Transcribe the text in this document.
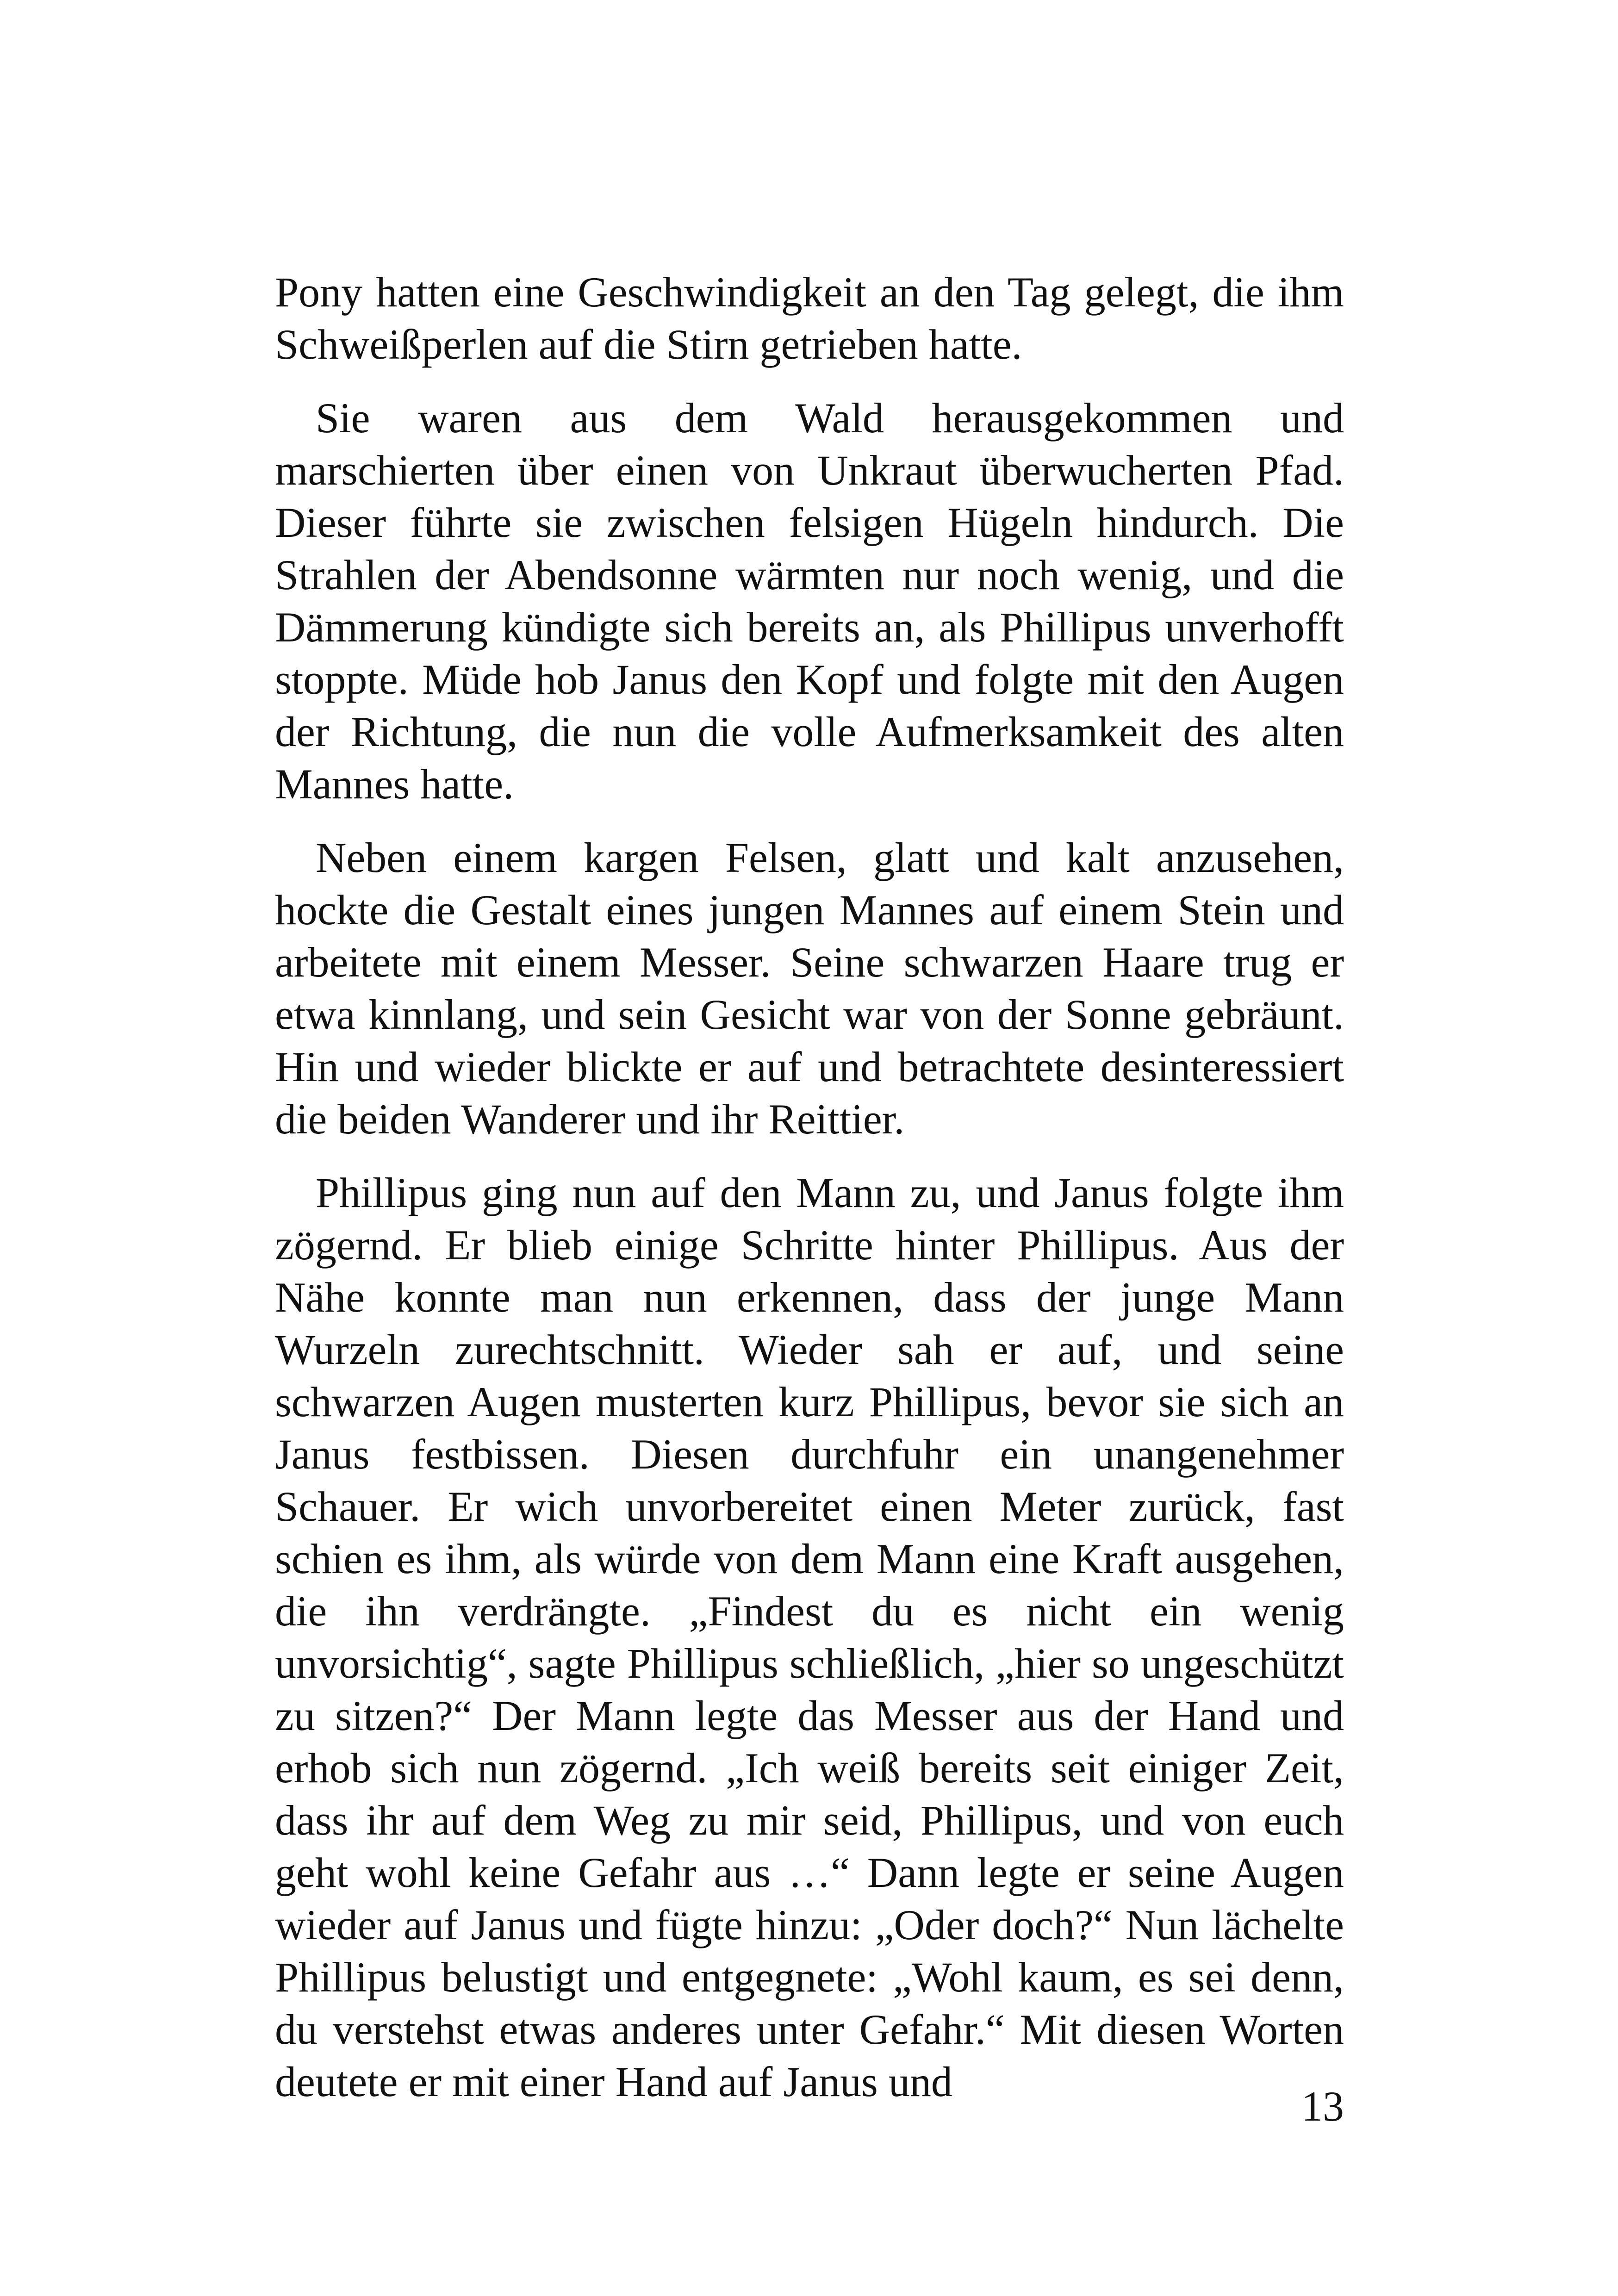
Pony hatten eine Geschwindigkeit an den Tag gelegt, die ihm Schweißperlen auf die Stirn getrieben hatte.

Sie waren aus dem Wald herausgekommen und marschierten über einen von Unkraut überwucherten Pfad. Dieser führte sie zwischen felsigen Hügeln hindurch. Die Strahlen der Abendsonne wärmten nur noch wenig, und die Dämmerung kündigte sich bereits an, als Phillipus unverhofft stoppte. Müde hob Janus den Kopf und folgte mit den Augen der Richtung, die nun die volle Aufmerksamkeit des alten Mannes hatte.

Neben einem kargen Felsen, glatt und kalt anzusehen, hockte die Gestalt eines jungen Mannes auf einem Stein und arbeitete mit einem Messer. Seine schwarzen Haare trug er etwa kinnlang, und sein Gesicht war von der Sonne gebräunt. Hin und wieder blickte er auf und betrachtete desinteressiert die beiden Wanderer und ihr Reittier.

Phillipus ging nun auf den Mann zu, und Janus folgte ihm zögernd. Er blieb einige Schritte hinter Phillipus. Aus der Nähe konnte man nun erkennen, dass der junge Mann Wurzeln zurechtschnitt. Wieder sah er auf, und seine schwarzen Augen musterten kurz Phillipus, bevor sie sich an Janus festbissen. Diesen durchfuhr ein unangenehmer Schauer. Er wich unvorbereitet einen Meter zurück, fast schien es ihm, als würde von dem Mann eine Kraft ausgehen, die ihn verdrängte. „Findest du es nicht ein wenig unvorsichtig“, sagte Phillipus schließlich, „hier so ungeschützt zu sitzen?“ Der Mann legte das Messer aus der Hand und erhob sich nun zögernd. „Ich weiß bereits seit einiger Zeit, dass ihr auf dem Weg zu mir seid, Phillipus, und von euch geht wohl keine Gefahr aus …“ Dann legte er seine Augen wieder auf Janus und fügte hinzu: „Oder doch?“ Nun lächelte Phillipus belustigt und entgegnete: „Wohl kaum, es sei denn, du verstehst etwas anderes unter Gefahr.“ Mit diesen Worten deutete er mit einer Hand auf Janus und

13
